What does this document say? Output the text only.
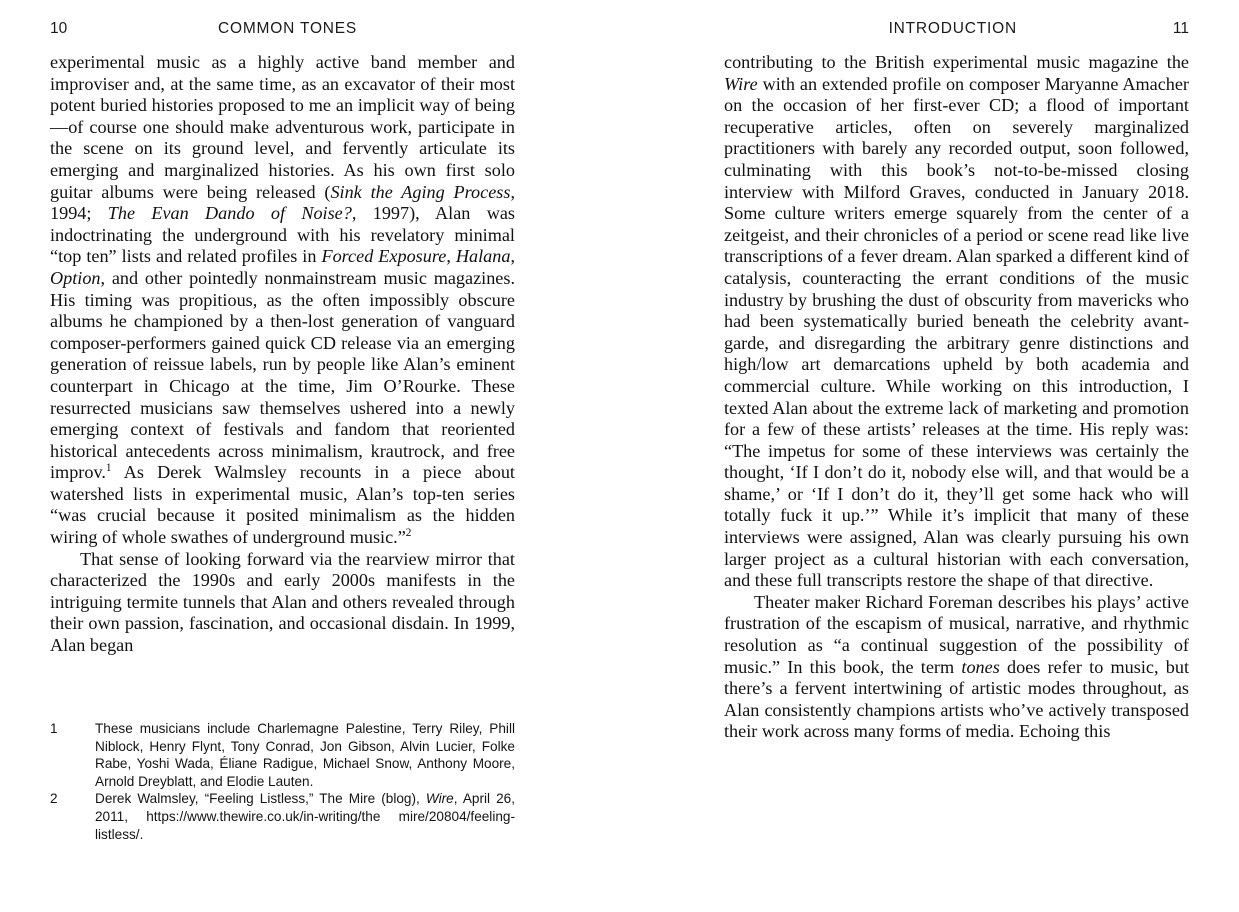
10	COMMON TONES	INTRODUCTION	11

experimental music as a highly active band member and improviser and, at the same time, as an excavator of their most potent buried histories proposed to me an implicit way of being—of course one should make adventurous work, participate in the scene on its ground level, and fervently articulate its emerging and marginalized histories. As his own first solo guitar albums were being released (Sink the Aging Process, 1994; The Evan Dando of Noise?, 1997), Alan was indoctrinating the underground with his revelatory minimal “top ten” lists and related profiles in Forced Exposure, Halana, Option, and other pointedly nonmainstream music magazines. His timing was propitious, as the often impossibly obscure albums he championed by a then-lost generation of vanguard composer-performers gained quick CD release via an emerging generation of reissue labels, run by people like Alan’s eminent counterpart in Chicago at the time, Jim O’Rourke. These resurrected musicians saw themselves ushered into a newly emerging context of festivals and fandom that reoriented historical antecedents across minimalism, krautrock, and free improv.$^1$ As Derek Walmsley recounts in a piece about watershed lists in experimental music, Alan’s top-ten series “was crucial because it posited minimalism as the hidden wiring of whole swathes of underground music.”$^2$

That sense of looking forward via the rearview mirror that characterized the 1990s and early 2000s manifests in the intriguing termite tunnels that Alan and others revealed through their own passion, fascination, and occasional disdain. In 1999, Alan began

1	These musicians include Charlemagne Palestine, Terry Riley, Phill Niblock, Henry Flynt, Tony Conrad, Jon Gibson, Alvin Lucier, Folke Rabe, Yoshi Wada, Éliane Radigue, Michael Snow, Anthony Moore, Arnold Dreyblatt, and Elodie Lauten.

2	Derek Walmsley, “Feeling Listless,” The Mire (blog), Wire, April 26, 2011, https://www.thewire.co.uk/in-writing/the mire/20804/feeling-listless/.

contributing to the British experimental music magazine the Wire with an extended profile on composer Maryanne Amacher on the occasion of her first-ever CD; a flood of important recuperative articles, often on severely marginalized practitioners with barely any recorded output, soon followed, culminating with this book’s not-to-be-missed closing interview with Milford Graves, conducted in January 2018. Some culture writers emerge squarely from the center of a zeitgeist, and their chronicles of a period or scene read like live transcriptions of a fever dream. Alan sparked a different kind of catalysis, counteracting the errant conditions of the music industry by brushing the dust of obscurity from mavericks who had been systematically buried beneath the celebrity avant-garde, and disregarding the arbitrary genre distinctions and high/low art demarcations upheld by both academia and commercial culture. While working on this introduction, I texted Alan about the extreme lack of marketing and promotion for a few of these artists’ releases at the time. His reply was: “The impetus for some of these interviews was certainly the thought, ‘If I don’t do it, nobody else will, and that would be a shame,’ or ‘If I don’t do it, they’ll get some hack who will totally fuck it up.’” While it’s implicit that many of these interviews were assigned, Alan was clearly pursuing his own larger project as a cultural historian with each conversation, and these full transcripts restore the shape of that directive.

Theater maker Richard Foreman describes his plays’ active frustration of the escapism of musical, narrative, and rhythmic resolution as “a continual suggestion of the possibility of music.” In this book, the term tones does refer to music, but there’s a fervent intertwining of artistic modes throughout, as Alan consistently champions artists who’ve actively transposed their work across many forms of media. Echoing this
